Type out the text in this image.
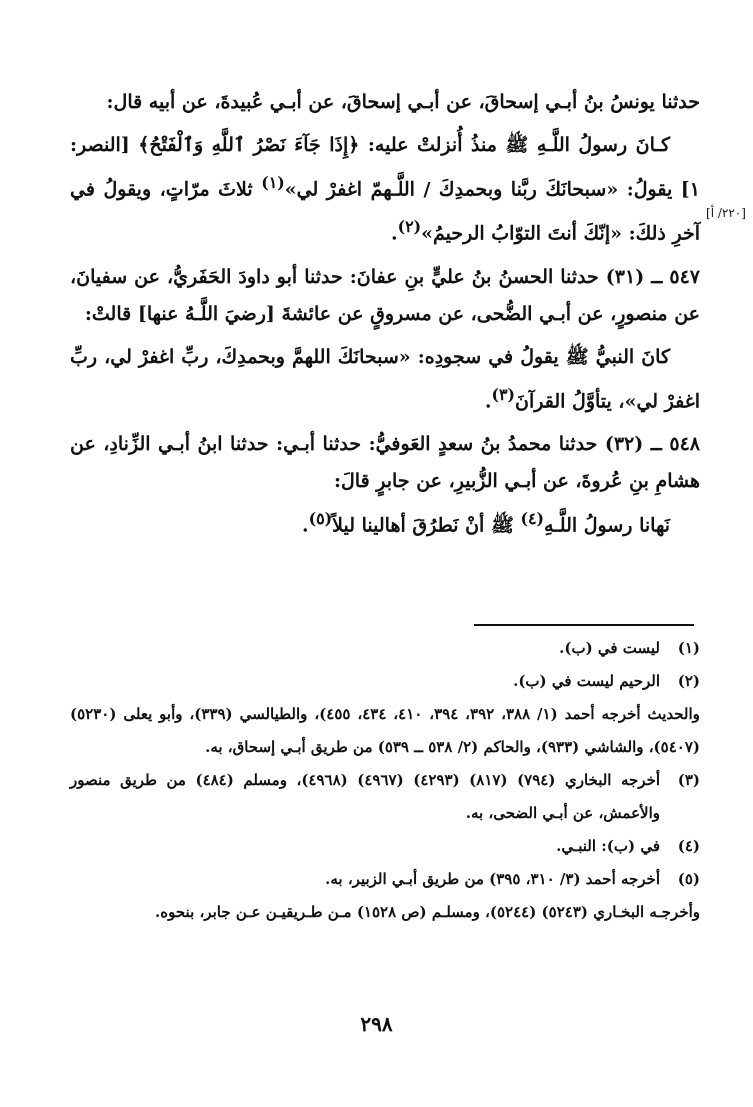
[٢٢٠/ أ]

حدثنا يونسُ بنُ أبـي إسحاقَ، عن أبـي إسحاقَ، عن أبـي عُبيدةَ، عن أبيه قال:

كـانَ رسولُ اللَّـهِ ﷺ منذُ أُنزلتْ عليه: ﴿إِذَا جَآءَ نَصْرُ ٱللَّهِ وَٱلْفَتْحُ﴾ [النصر: ١] يقولُ: «سبحانَكَ ربَّنا وبحمدِكَ / اللَّـهمّ اغفرْ لي»$^{(١)}$ ثلاثَ مرّاتٍ، ويقولُ في آخرِ ذلكَ: «إنّكَ أنتَ التوّابُ الرحيمُ»$^{(٢)}$.

٥٤٧ ــ (٣١) حدثنا الحسنُ بنُ عليٍّ بنِ عفانَ: حدثنا أبو داودَ الحَفَريُّ، عن سفيانَ، عن منصورٍ، عن أبـي الضُّحى، عن مسروقٍ عن عائشةَ [رضيَ اللَّـهُ عنها] قالتْ:

كانَ النبيُّ ﷺ يقولُ في سجودِه: «سبحانَكَ اللهمَّ وبحمدِكَ، ربِّ اغفرْ لي، ربِّ اغفرْ لي»، يتأوَّلُ القرآنَ$^{(٣)}$.

٥٤٨ ــ (٣٢) حدثنا محمدُ بنُ سعدٍ العَوفيُّ: حدثنا أبـي: حدثنا ابنُ أبـي الزِّنادِ، عن هشامِ بنِ عُروةَ، عن أبـي الزُّبيرِ، عن جابرٍ قالَ:

نَهانا رسولُ اللَّـهِ$^{(٤)}$ ﷺ أنْ نَطرُقَ أهالينا ليلاً$^{(٥)}$.

(١)
ليست في (ب).
(٢)
الرحيم ليست في (ب).

والحديث أخرجه أحمد (١/ ٣٨٨، ٣٩٢، ٣٩٤، ٤١٠، ٤٣٤، ٤٥٥)، والطيالسي (٣٣٩)، وأبو يعلى (٥٢٣٠) (٥٤٠٧)، والشاشي (٩٣٣)، والحاكم (٢/ ٥٣٨ ــ ٥٣٩) من طريق أبـي إسحاق، به.

(٣)
أخرجه البخاري (٧٩٤) (٨١٧) (٤٢٩٣) (٤٩٦٧) (٤٩٦٨)، ومسلم (٤٨٤) من طريق منصور والأعمش، عن أبـي الضحى، به.
(٤)
في (ب): النبـي.
(٥)
أخرجه أحمد (٣/ ٣١٠، ٣٩٥) من طريق أبـي الزبير، به.

وأخرجـه البخـاري (٥٢٤٣) (٥٢٤٤)، ومسلـم (ص ١٥٢٨) مـن طـريقيـن عـن جابر، بنحوه.

٢٩٨
